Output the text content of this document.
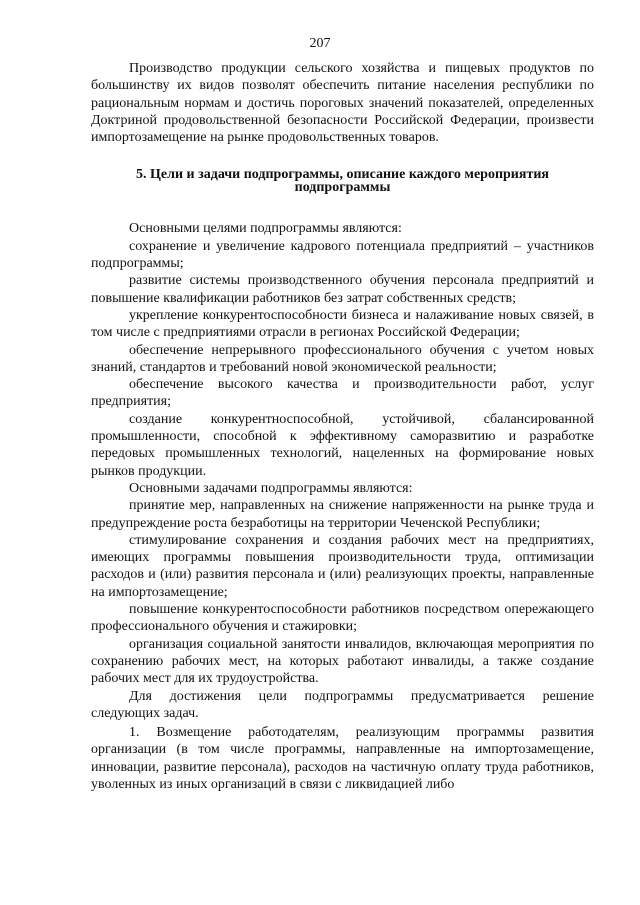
207

Производство продукции сельского хозяйства и пищевых продуктов по большинству их видов позволят обеспечить питание населения республики по рациональным нормам и достичь пороговых значений показателей, определенных Доктриной продовольственной безопасности Российской Федерации, произвести импортозамещение на рынке продовольственных товаров.

5. Цели и задачи подпрограммы, описание каждого мероприятия подпрограммы

Основными целями подпрограммы являются:

сохранение и увеличение кадрового потенциала предприятий – участников подпрограммы;

развитие системы производственного обучения персонала предприятий и повышение квалификации работников без затрат собственных средств;

укрепление конкурентоспособности бизнеса и налаживание новых связей, в том числе с предприятиями отрасли в регионах Российской Федерации;

обеспечение непрерывного профессионального обучения с учетом новых знаний, стандартов и требований новой экономической реальности;

обеспечение высокого качества и производительности работ, услуг предприятия;

создание конкурентноспособной, устойчивой, сбалансированной промышленности, способной к эффективному саморазвитию и разработке передовых промышленных технологий, нацеленных на формирование новых рынков продукции.

Основными задачами подпрограммы являются:

принятие мер, направленных на снижение напряженности на рынке труда и предупреждение роста безработицы на территории Чеченской Республики;

стимулирование сохранения и создания рабочих мест на предприятиях, имеющих программы повышения производительности труда, оптимизации расходов и (или) развития персонала и (или) реализующих проекты, направленные на импортозамещение;

повышение конкурентоспособности работников посредством опережающего профессионального обучения и стажировки;

организация социальной занятости инвалидов, включающая мероприятия по сохранению рабочих мест, на которых работают инвалиды, а также создание рабочих мест для их трудоустройства.

Для достижения цели подпрограммы предусматривается решение следующих задач.

1. Возмещение работодателям, реализующим программы развития организации (в том числе программы, направленные на импортозамещение, инновации, развитие персонала), расходов на частичную оплату труда работников, уволенных из иных организаций в связи с ликвидацией либо
